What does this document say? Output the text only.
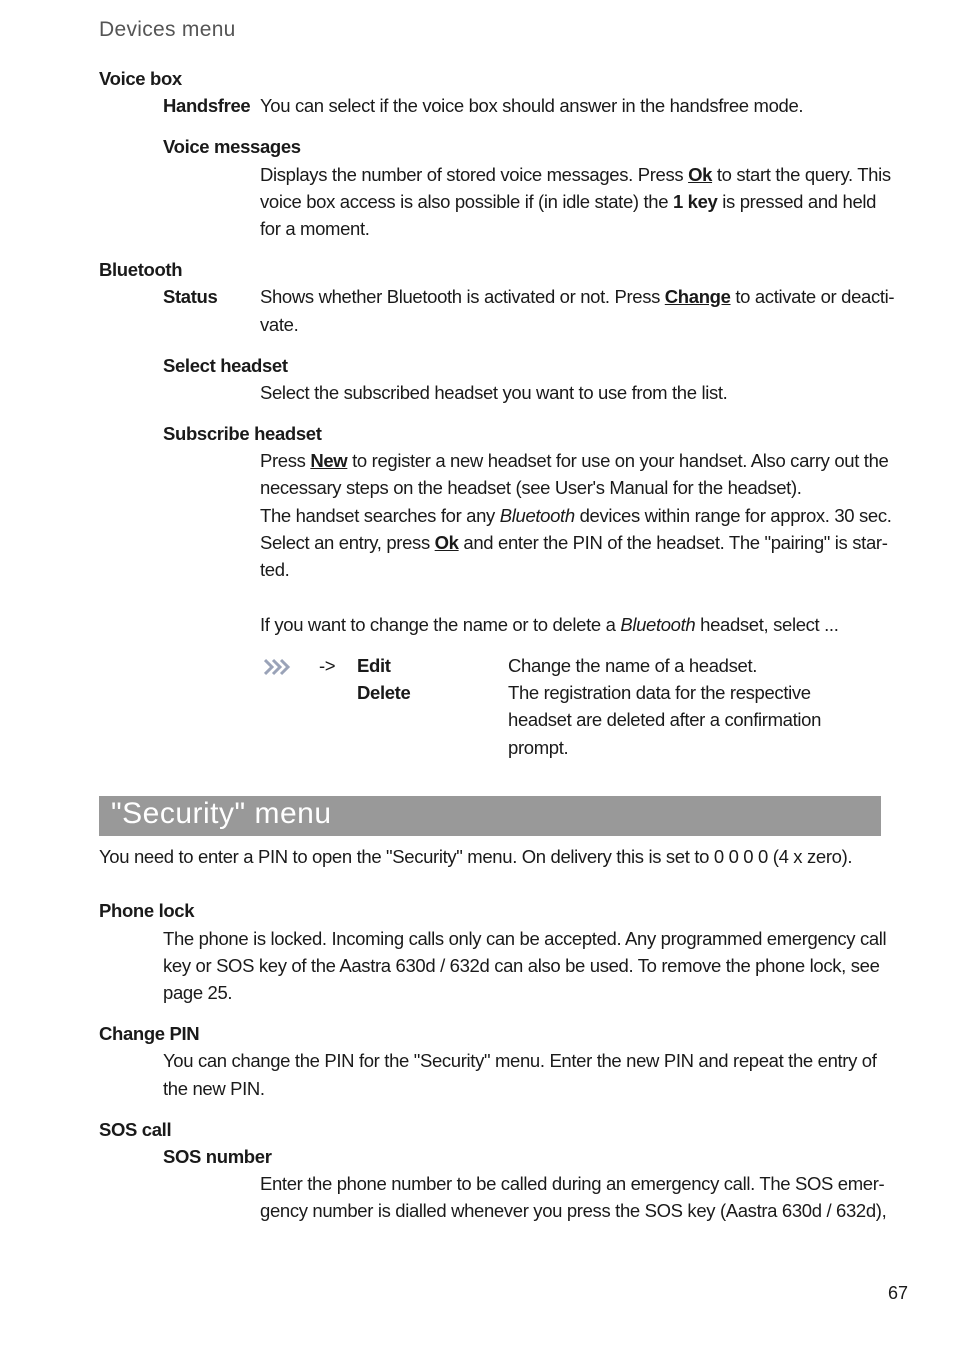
Devices menu
Voice box
Handsfree You can select if the voice box should answer in the handsfree mode.
Voice messages
Displays the number of stored voice messages. Press Ok to start the query. This
voice box access is also possible if (in idle state) the 1 key is pressed and held
for a moment.
Bluetooth
Status Shows whether Bluetooth is activated or not. Press Change to activate or deacti-
vate.
Select headset
Select the subscribed headset you want to use from the list.
Subscribe headset
Press New to register a new headset for use on your handset. Also carry out the
necessary steps on the headset (see User's Manual for the headset).
The handset searches for any Bluetooth devices within range for approx. 30 sec.
Select an entry, press Ok and enter the PIN of the headset. The "pairing" is star-
ted.
If you want to change the name or to delete a Bluetooth headset, select ...
-> Edit	Change the name of a headset.
Delete	The registration data for the respective
headset are deleted after a confirmation
prompt.
"Security" menu
You need to enter a PIN to open the "Security" menu. On delivery this is set to 0 0 0 0 (4 x zero).
Phone lock
The phone is locked. Incoming calls only can be accepted. Any programmed emergency call
key or SOS key of the Aastra 630d / 632d can also be used. To remove the phone lock, see
page 25.
Change PIN
You can change the PIN for the "Security" menu. Enter the new PIN and repeat the entry of
the new PIN.
SOS call
SOS number
Enter the phone number to be called during an emergency call. The SOS emer-
gency number is dialled whenever you press the SOS key (Aastra 630d / 632d),
67
